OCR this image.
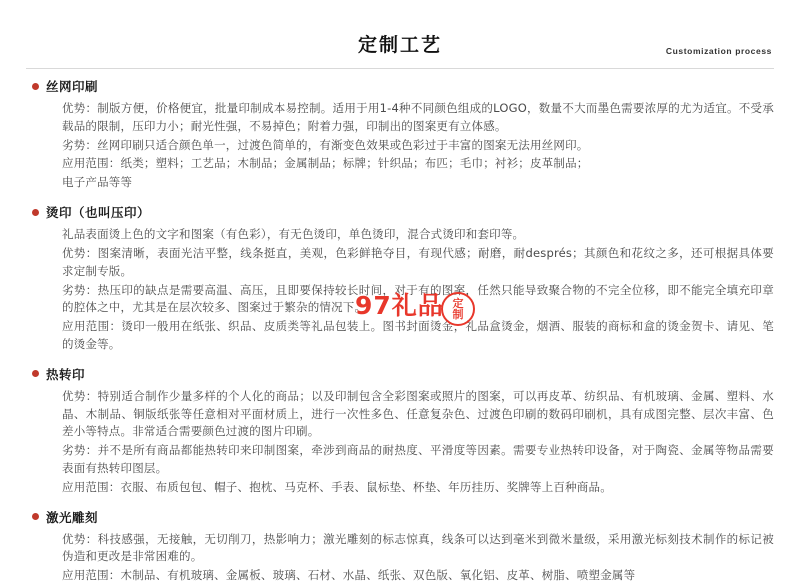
定制工艺	Customization process
丝网印刷

优势：制版方便，价格便宜，批量印制成本易控制。适用于用1-4种不同颜色组成的LOGO，数量不大而墨色需要浓厚的尤为适宜。不受承载品的限制，压印力小；耐光性强，不易掉色；附着力强，印制出的图案更有立体感。

劣势：丝网印刷只适合颜色单一，过渡色简单的，有渐变色效果或色彩过于丰富的图案无法用丝网印。

应用范围：纸类；塑料；工艺品；木制品；金属制品；标牌；针织品；布匹；毛巾；衬衫；皮革制品；

电子产品等等

烫印（也叫压印）

礼品表面烫上色的文字和图案（有色彩），有无色烫印，单色烫印，混合式烫印和套印等。

优势：图案清晰，表面光洁平整，线条挺直，美观，色彩鲜艳夺目，有现代感；耐磨，耐després；其颜色和花纹之多，还可根据具体要求定制专版。

劣势：热压印的缺点是需要高温、高压，且即要保持较长时间，对于有的图案，任然只能导致聚合物的不完全位移，即不能完全填充印章的腔体之中，尤其是在层次较多、图案过于繁杂的情况下。

应用范围：烫印一般用在纸张、织品、皮质类等礼品包装上。图书封面烫金，礼品盒烫金，烟酒、服装的商标和盒的烫金贺卡、请见、笔的烫金等。

热转印

优势：特别适合制作少量多样的个人化的商品；以及印制包含全彩图案或照片的图案，可以再皮革、纺织品、有机玻璃、金属、塑料、水晶、木制品、铜版纸张等任意相对平面材质上，进行一次性多色、任意复杂色、过渡色印刷的数码印刷机，具有成图完整、层次丰富、色差小等特点。非常适合需要颜色过渡的图片印刷。

劣势：并不是所有商品都能热转印来印制图案，牵涉到商品的耐热度、平滑度等因素。需要专业热转印设备，对于陶瓷、金属等物品需要表面有热转印图层。

应用范围：衣服、布质包包、帽子、抱枕、马克杯、手表、鼠标垫、杯垫、年历挂历、奖牌等上百种商品。

激光雕刻

优势：科技感强，无接触，无切削刀，热影响力；激光雕刻的标志惊真，线条可以达到毫米到微米量级，采用激光标刻技术制作的标记被伪造和更改是非常困难的。

应用范围：木制品、有机玻璃、金属板、玻璃、石材、水晶、纸张、双色版、氧化铝、皮革、树脂、喷塑金属等

97礼品 定制
